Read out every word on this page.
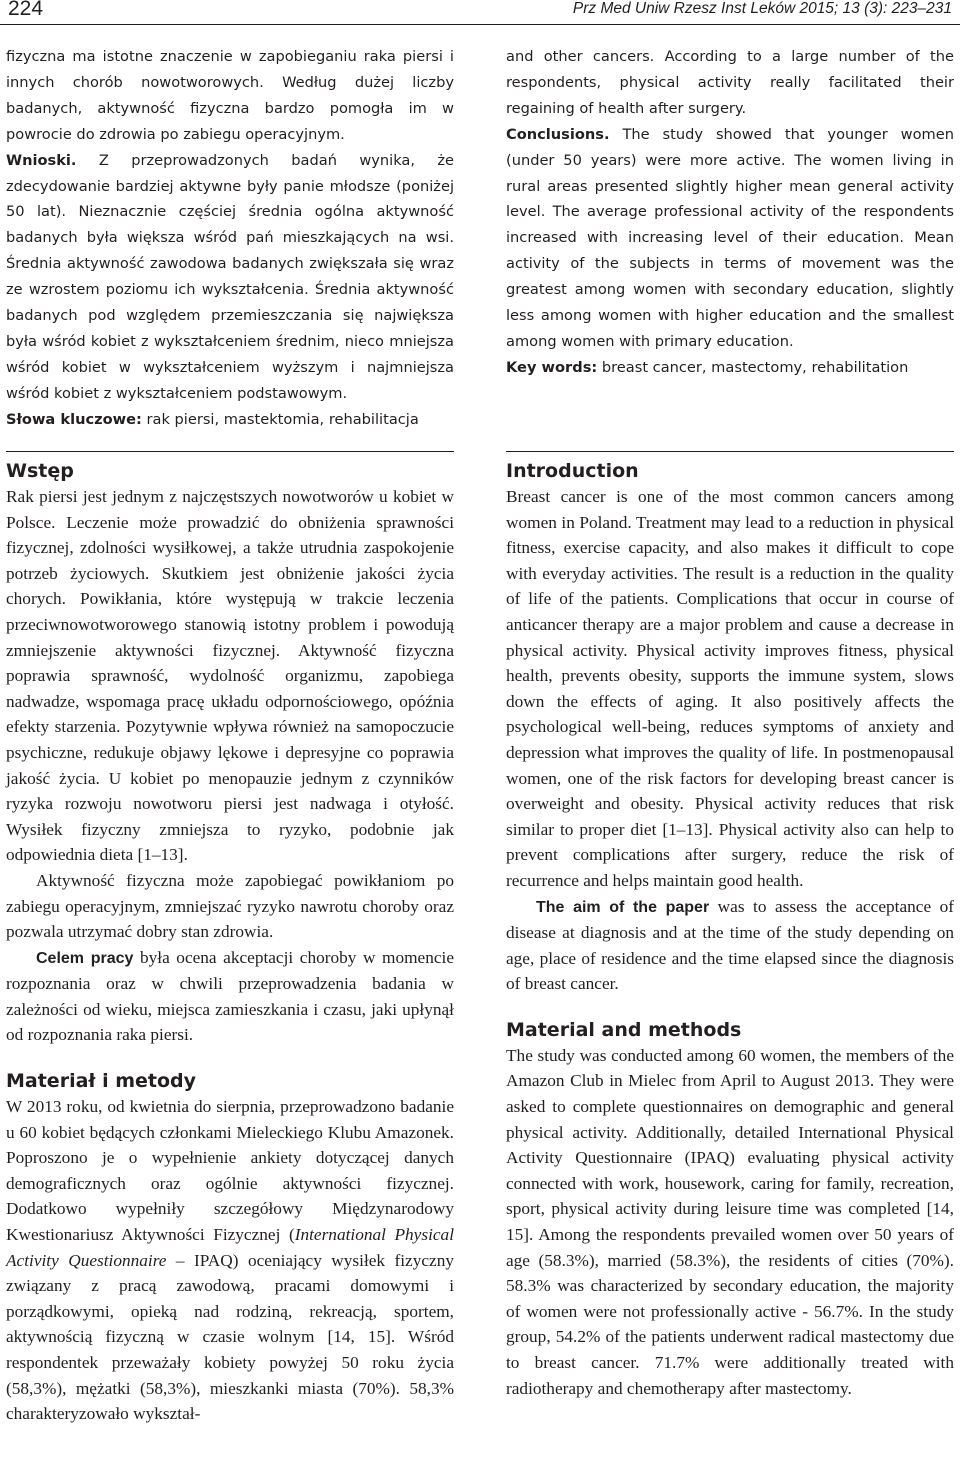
224	Prz Med Uniw Rzesz Inst Leków 2015; 13 (3): 223–231

fizyczna ma istotne znaczenie w zapobieganiu raka piersi i innych chorób nowotworowych. Według dużej liczby badanych, aktywność fizyczna bardzo pomogła im w powrocie do zdrowia po zabiegu operacyjnym.

Wnioski. Z przeprowadzonych badań wynika, że zdecydowanie bardziej aktywne były panie młodsze (poniżej 50 lat). Nieznacznie częściej średnia ogólna aktywność badanych była większa wśród pań mieszkających na wsi. Średnia aktywność zawodowa badanych zwiększała się wraz ze wzrostem poziomu ich wykształcenia. Średnia aktywność badanych pod względem przemieszczania się największa była wśród kobiet z wykształceniem średnim, nieco mniejsza wśród kobiet w wykształceniem wyższym i najmniejsza wśród kobiet z wykształceniem podstawowym.

Słowa kluczowe: rak piersi, mastektomia, rehabilitacja

and other cancers. According to a large number of the respondents, physical activity really facilitated their regaining of health after surgery.

Conclusions. The study showed that younger women (under 50 years) were more active. The women living in rural areas presented slightly higher mean general activity level. The average professional activity of the respondents increased with increasing level of their education. Mean activity of the subjects in terms of movement was the greatest among women with secondary education, slightly less among women with higher education and the smallest among women with primary education.

Key words: breast cancer, mastectomy, rehabilitation

Wstęp

Rak piersi jest jednym z najczęstszych nowotworów u kobiet w Polsce. Leczenie może prowadzić do obniżenia sprawności fizycznej, zdolności wysiłkowej, a także utrudnia zaspokojenie potrzeb życiowych. Skutkiem jest obniżenie jakości życia chorych. Powikłania, które występują w trakcie leczenia przeciwnowotworowego stanowią istotny problem i powodują zmniejszenie aktywności fizycznej. Aktywność fizyczna poprawia sprawność, wydolność organizmu, zapobiega nadwadze, wspomaga pracę układu odpornościowego, opóźnia efekty starzenia. Pozytywnie wpływa również na samopoczucie psychiczne, redukuje objawy lękowe i depresyjne co poprawia jakość życia. U kobiet po menopauzie jednym z czynników ryzyka rozwoju nowotworu piersi jest nadwaga i otyłość. Wysiłek fizyczny zmniejsza to ryzyko, podobnie jak odpowiednia dieta [1–13].

Aktywność fizyczna może zapobiegać powikłaniom po zabiegu operacyjnym, zmniejszać ryzyko nawrotu choroby oraz pozwala utrzymać dobry stan zdrowia.

Celem pracy była ocena akceptacji choroby w momencie rozpoznania oraz w chwili przeprowadzenia badania w zależności od wieku, miejsca zamieszkania i czasu, jaki upłynął od rozpoznania raka piersi.

Materiał i metody

W 2013 roku, od kwietnia do sierpnia, przeprowadzono badanie u 60 kobiet będących członkami Mieleckiego Klubu Amazonek. Poproszono je o wypełnienie ankiety dotyczącej danych demograficznych oraz ogólnie aktywności fizycznej. Dodatkowo wypełniły szczegółowy Międzynarodowy Kwestionariusz Aktywności Fizycznej (International Physical Activity Questionnaire – IPAQ) oceniający wysiłek fizyczny związany z pracą zawodową, pracami domowymi i porządkowymi, opieką nad rodziną, rekreacją, sportem, aktywnością fizyczną w czasie wolnym [14, 15]. Wśród respondentek przeważały kobiety powyżej 50 roku życia (58,3%), mężatki (58,3%), mieszkanki miasta (70%). 58,3% charakteryzowało wykształ-

Introduction

Breast cancer is one of the most common cancers among women in Poland. Treatment may lead to a reduction in physical fitness, exercise capacity, and also makes it difficult to cope with everyday activities. The result is a reduction in the quality of life of the patients. Complications that occur in course of anticancer therapy are a major problem and cause a decrease in physical activity. Physical activity improves fitness, physical health, prevents obesity, supports the immune system, slows down the effects of aging. It also positively affects the psychological well-being, reduces symptoms of anxiety and depression what improves the quality of life. In postmenopausal women, one of the risk factors for developing breast cancer is overweight and obesity. Physical activity reduces that risk similar to proper diet [1–13]. Physical activity also can help to prevent complications after surgery, reduce the risk of recurrence and helps maintain good health.

The aim of the paper was to assess the acceptance of disease at diagnosis and at the time of the study depending on age, place of residence and the time elapsed since the diagnosis of breast cancer.

Material and methods

The study was conducted among 60 women, the members of the Amazon Club in Mielec from April to August 2013. They were asked to complete questionnaires on demographic and general physical activity. Additionally, detailed International Physical Activity Questionnaire (IPAQ) evaluating physical activity connected with work, housework, caring for family, recreation, sport, physical activity during leisure time was completed [14, 15]. Among the respondents prevailed women over 50 years of age (58.3%), married (58.3%), the residents of cities (70%). 58.3% was characterized by secondary education, the majority of women were not professionally active - 56.7%. In the study group, 54.2% of the patients underwent radical mastectomy due to breast cancer. 71.7% were additionally treated with radiotherapy and chemotherapy after mastectomy.
